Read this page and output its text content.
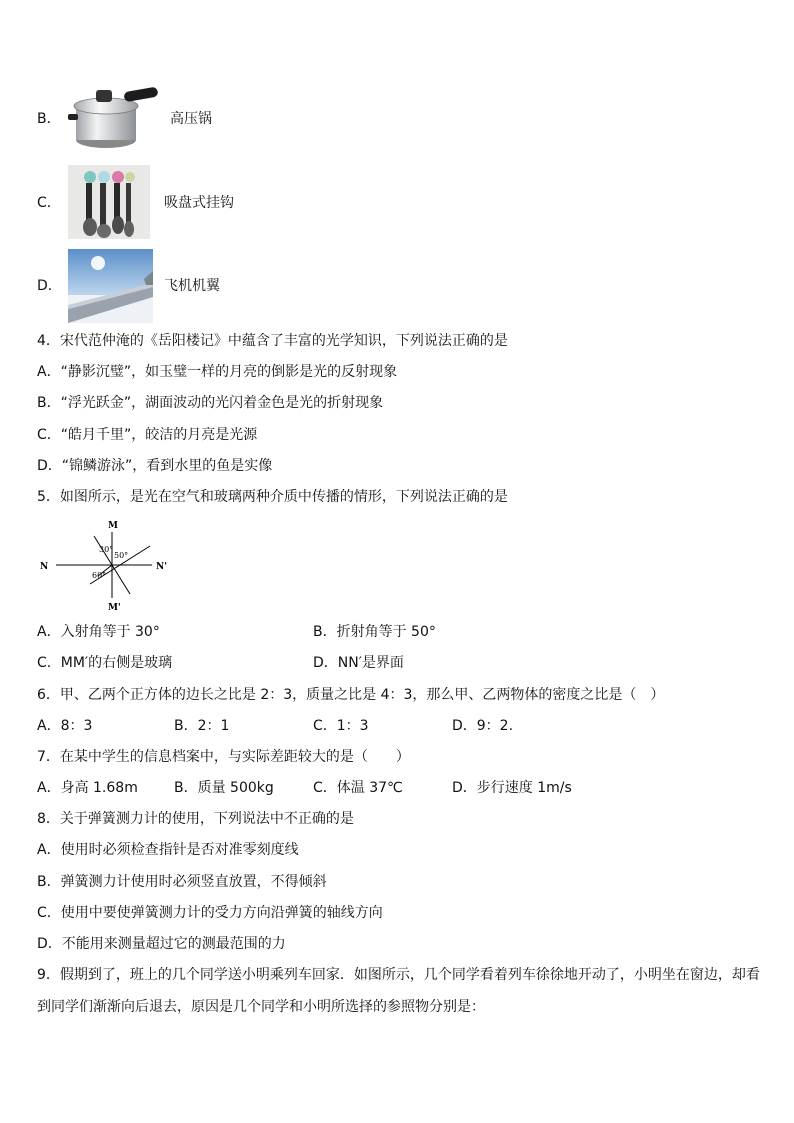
B．	高压锅
C．	吸盘式挂钩
D．	飞机机翼
4．宋代范仲淹的《岳阳楼记》中蕴含了丰富的光学知识，下列说法正确的是
A．“静影沉璧”，如玉璧一样的月亮的倒影是光的反射现象
B．“浮光跃金”，湖面波动的光闪着金色是光的折射现象
C．“皓月千里”，皎洁的月亮是光源
D．“锦鳞游泳”，看到水里的鱼是实像
5．如图所示，是光在空气和玻璃两种介质中传播的情形，下列说法正确的是
M
M'
N	N'
30°
50°
60°
A．入射角等于 30°	B．折射角等于 50°
C．MM′的右侧是玻璃	D．NN′是界面
6．甲、乙两个正方体的边长之比是 2：3，质量之比是 4：3，那么甲、乙两物体的密度之比是（　）
A．8：3	B．2：1	C．1：3	D．9：2.
7．在某中学生的信息档案中，与实际差距较大的是（　　）
A．身高 1.68m	B．质量 500kg	C．体温 37℃	D．步行速度 1m/s
8．关于弹簧测力计的使用，下列说法中不正确的是
A．使用时必须检查指针是否对准零刻度线
B．弹簧测力计使用时必须竖直放置，不得倾斜
C．使用中要使弹簧测力计的受力方向沿弹簧的轴线方向
D．不能用来测量超过它的测最范围的力
9．假期到了，班上的几个同学送小明乘列车回家．如图所示，几个同学看着列车徐徐地开动了，小明坐在窗边，却看
到同学们渐渐向后退去，原因是几个同学和小明所选择的参照物分别是：
